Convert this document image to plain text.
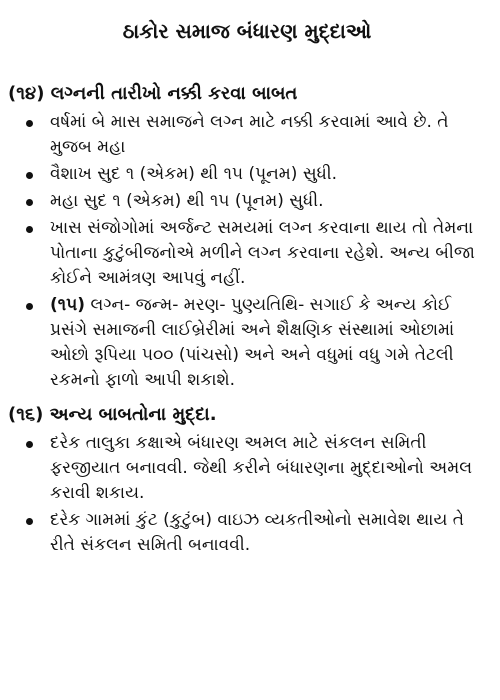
ઠાકોર સમાજ બંધારણ મુદ્દાઓ
(૧૪) લગ્નની તારીખો નક્કી કરવા બાબત
વર્ષમાં બે માસ સમાજને લગ્ન માટે નક્કી કરવામાં આવે છે. તે મુજબ મહા
વૈશાખ સુદ ૧ (એકમ) થી ૧૫ (પૂનમ) સુધી.
મહા સુદ ૧ (એકમ) થી ૧૫ (પૂનમ) સુધી.
ખાસ સંજોગોમાં અર્જન્ટ સમયમાં લગ્ન કરવાના થાય તો તેમના પોતાના કુટુંબીજનોએ મળીને લગ્ન કરવાના રહેશે. અન્ય બીજા કોઈને આમંત્રણ આપવું નહીં.
(૧૫) લગ્ન- જન્મ- મરણ- પુણ્યતિથિ- સગાઈ કે અન્ય કોઈ પ્રસંગે સમાજની લાઈબ્રેરીમાં અને શૈક્ષણિક સંસ્થામાં ઓછામાં ઓછો રૂપિયા ૫૦૦ (પાંચસો) અને અને વધુમાં વધુ ગમે તેટલી રકમનો ફાળો આપી શકાશે.
(૧૬) અન્ય બાબતોના મુદ્દા.
દરેક તાલુકા કક્ષાએ બંધારણ અમલ માટે સંકલન સમિતી ફરજીયાત બનાવવી. જેથી કરીને બંધારણના મુદ્દાઓનો અમલ કરાવી શકાય.
દરેક ગામમાં કુંટ (કુટુંબ) વાઇઝ વ્યકતીઓનો સમાવેશ થાય તે રીતે સંકલન સમિતી બનાવવી.
